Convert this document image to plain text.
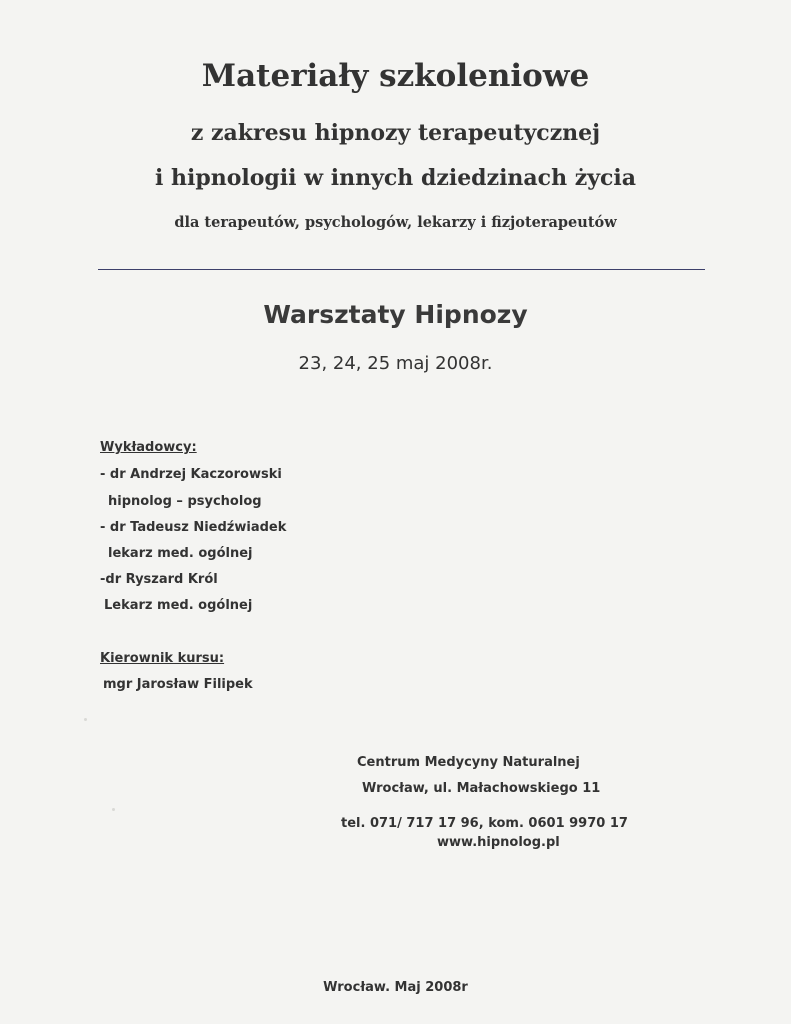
Materiały szkoleniowe
z zakresu hipnozy terapeutycznej
i hipnologii w innych dziedzinach życia
dla terapeutów, psychologów, lekarzy i fizjoterapeutów
Warsztaty Hipnozy
23, 24, 25 maj 2008r.
Wykładowcy:
- dr Andrzej Kaczorowski
hipnolog – psycholog
- dr Tadeusz Niedźwiadek
lekarz med. ogólnej
-dr Ryszard Król
Lekarz med. ogólnej
Kierownik kursu:
mgr Jarosław Filipek
Centrum Medycyny Naturalnej
Wrocław, ul. Małachowskiego 11
tel. 071/ 717 17 96, kom. 0601 9970 17
www.hipnolog.pl
Wrocław. Maj 2008r
